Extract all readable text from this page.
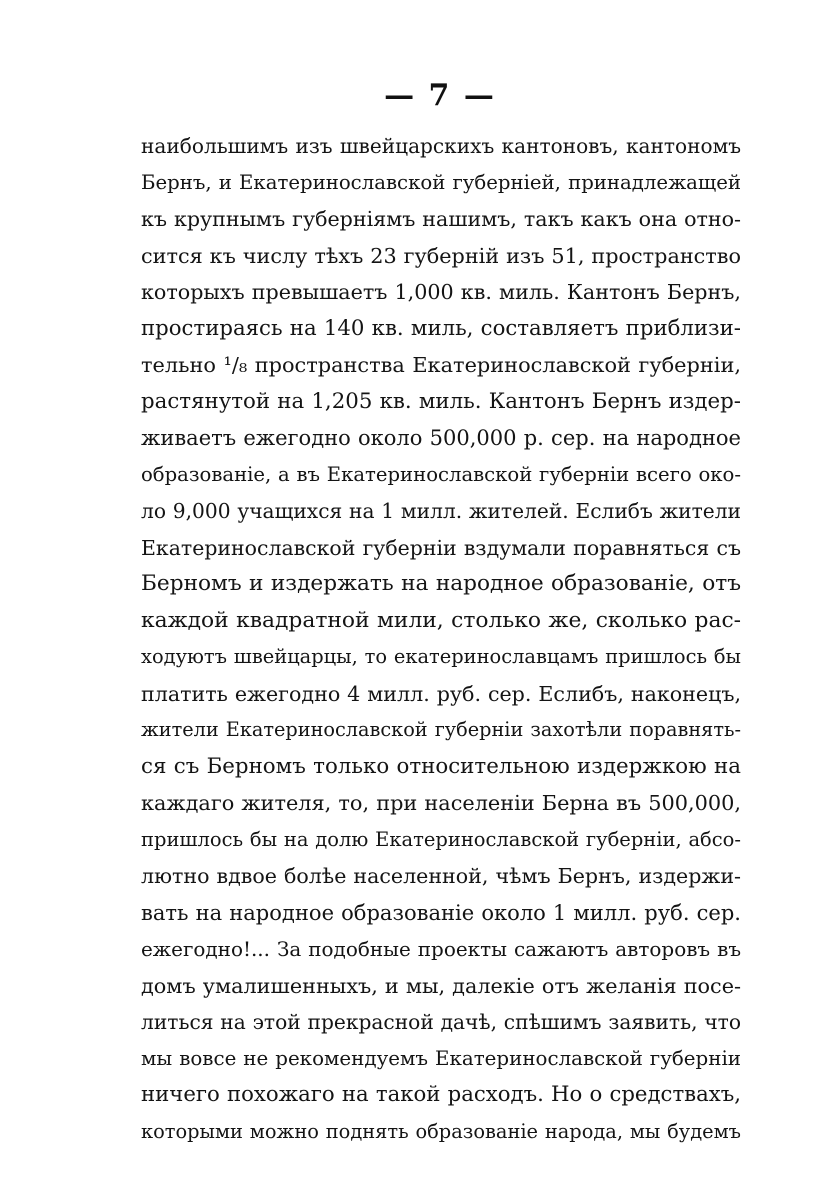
— 7 —
наибольшимъ изъ швейцарскихъ кантоновъ, кантономъ
Бернъ, и Екатеринославской губерніей, принадлежащей
къ крупнымъ губерніямъ нашимъ, такъ какъ она отно-
сится къ числу тѣхъ 23 губерній изъ 51, пространство
которыхъ превышаетъ 1,000 кв. миль. Кантонъ Бернъ,
простираясь на 140 кв. миль, составляетъ приблизи-
тельно ¹/₈ пространства Екатеринославской губерніи,
растянутой на 1,205 кв. миль. Кантонъ Бернъ издер-
живаетъ ежегодно около 500,000 р. сер. на народное
образованіе, а въ Екатеринославской губерніи всего око-
ло 9,000 учащихся на 1 милл. жителей. Еслибъ жители
Екатеринославской губерніи вздумали поравняться съ
Берномъ и издержать на народное образованіе, отъ
каждой квадратной мили, столько же, сколько рас-
ходуютъ швейцарцы, то екатеринославцамъ пришлось бы
платить ежегодно 4 милл. руб. сер. Еслибъ, наконецъ,
жители Екатеринославской губерніи захотѣли поравнять-
ся съ Берномъ только относительною издержкою на
каждаго жителя, то, при населеніи Берна въ 500,000,
пришлось бы на долю Екатеринославской губерніи, абсо-
лютно вдвое болѣе населенной, чѣмъ Бернъ, издержи-
вать на народное образованіе около 1 милл. руб. сер.
ежегодно!... За подобные проекты сажаютъ авторовъ въ
домъ умалишенныхъ, и мы, далекіе отъ желанія посе-
литься на этой прекрасной дачѣ, спѣшимъ заявить, что
мы вовсе не рекомендуемъ Екатеринославской губерніи
ничего похожаго на такой расходъ. Но о средствахъ,
которыми можно поднять образованіе народа, мы будемъ
